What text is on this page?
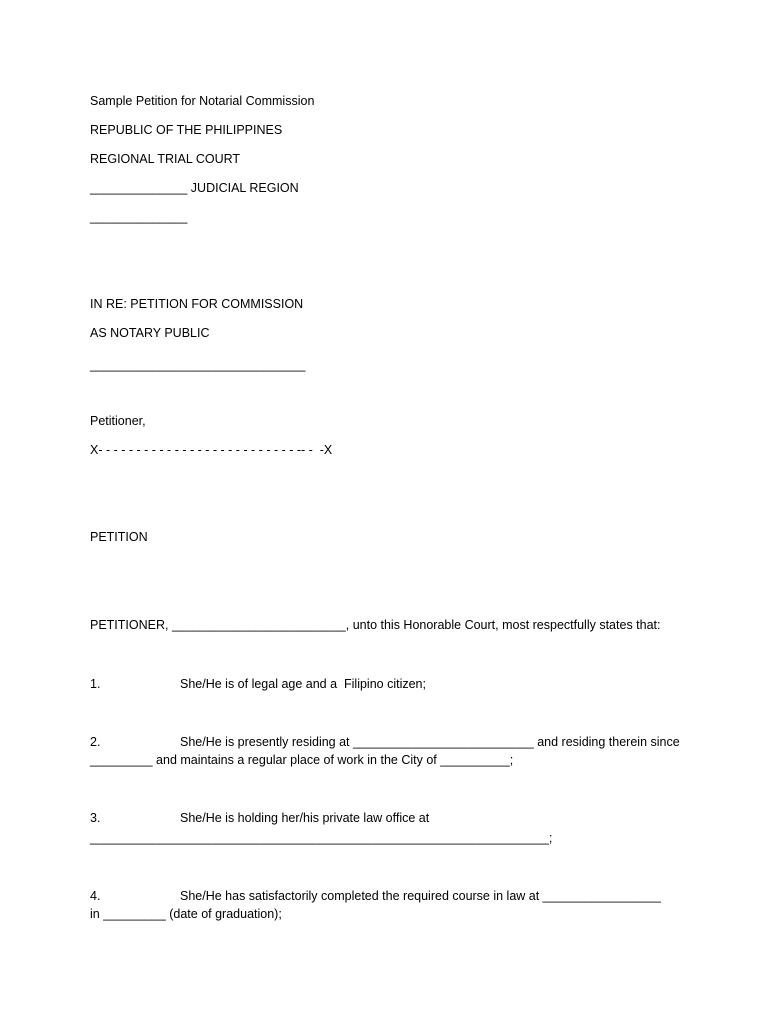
Sample Petition for Notarial Commission
REPUBLIC OF THE PHILIPPINES
REGIONAL TRIAL COURT
______________ JUDICIAL REGION
______________
IN RE: PETITION FOR COMMISSION
AS NOTARY PUBLIC
_______________________________
Petitioner,
X- - - - - - - - - - - - - - - - - - - - - - - - - - -- -  -X
PETITION
PETITIONER, _________________________, unto this Honorable Court, most respectfully states that:
1.	She/He is of legal age and a  Filipino citizen;
2.	She/He is presently residing at __________________________ and residing therein since
_________ and maintains a regular place of work in the City of __________;
3.	She/He is holding her/his private law office at
__________________________________________________________________;
4.	She/He has satisfactorily completed the required course in law at _________________
in _________ (date of graduation);
